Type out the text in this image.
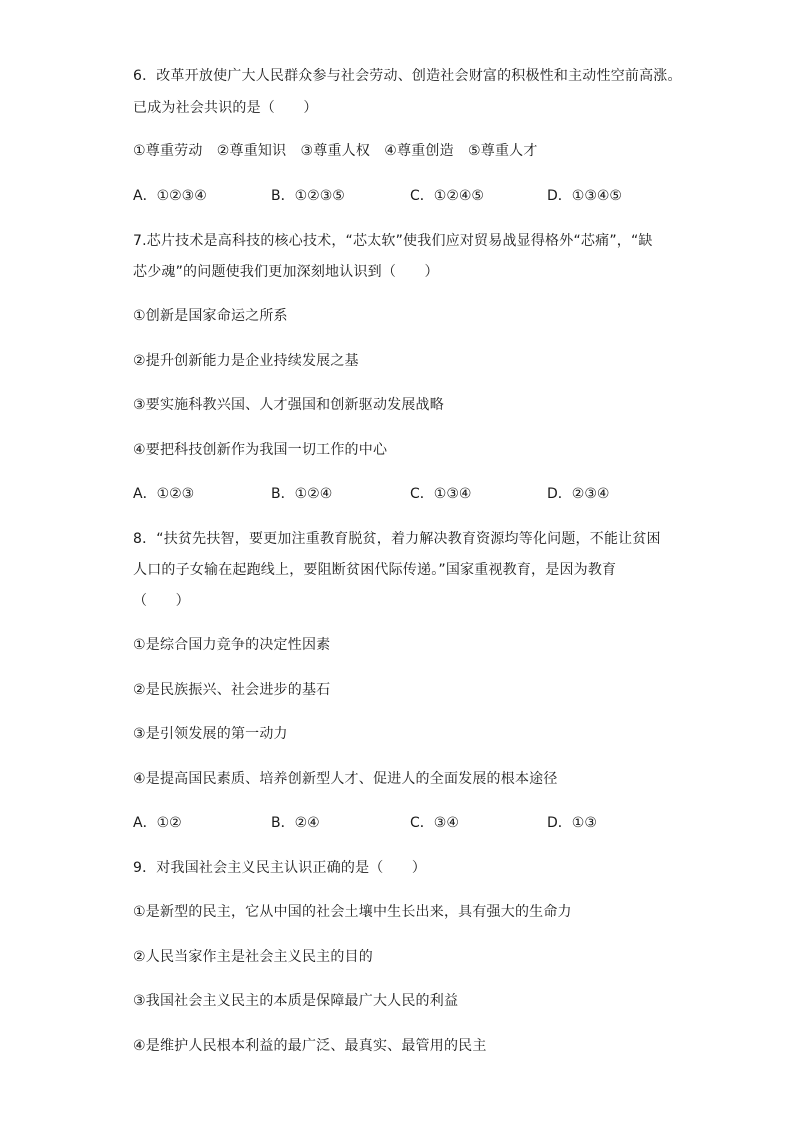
6．改革开放使广大人民群众参与社会劳动、创造社会财富的积极性和主动性空前高涨。
已成为社会共识的是（　　）
①尊重劳动　②尊重知识　③尊重人权　④尊重创造　⑤尊重人才
A．①②③④	B．①②③⑤	C．①②④⑤	D．①③④⑤
7.芯片技术是高科技的核心技术，“芯太软”使我们应对贸易战显得格外“芯痛”，“缺
芯少魂”的问题使我们更加深刻地认识到（　　）
①创新是国家命运之所系
②提升创新能力是企业持续发展之基
③要实施科教兴国、人才强国和创新驱动发展战略
④要把科技创新作为我国一切工作的中心
A．①②③	B．①②④	C．①③④	D．②③④
8．“扶贫先扶智，要更加注重教育脱贫，着力解决教育资源均等化问题，不能让贫困
人口的子女输在起跑线上，要阻断贫困代际传递。”国家重视教育，是因为教育
（　　）
①是综合国力竞争的决定性因素
②是民族振兴、社会进步的基石
③是引领发展的第一动力
④是提高国民素质、培养创新型人才、促进人的全面发展的根本途径
A．①②	B．②④	C．③④	D．①③
9．对我国社会主义民主认识正确的是（　　）
①是新型的民主，它从中国的社会土壤中生长出来，具有强大的生命力
②人民当家作主是社会主义民主的目的
③我国社会主义民主的本质是保障最广大人民的利益
④是维护人民根本利益的最广泛、最真实、最管用的民主
